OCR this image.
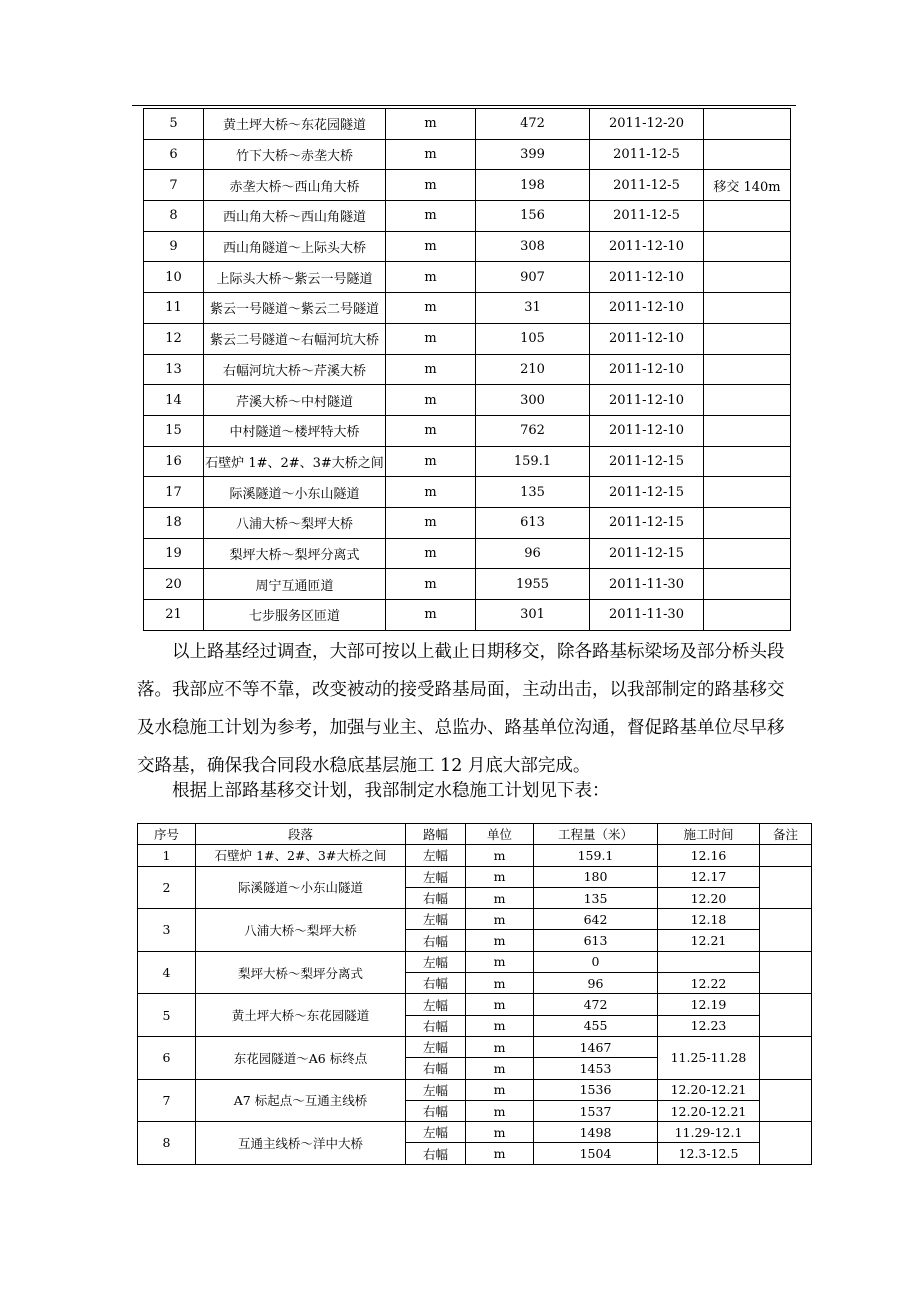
5	黄土坪大桥～东花园隧道	m	472	2011-12-20	
6	竹下大桥～赤垄大桥	m	399	2011-12-5	
7	赤垄大桥～西山角大桥	m	198	2011-12-5	移交 140m
8	西山角大桥～西山角隧道	m	156	2011-12-5	
9	西山角隧道～上际头大桥	m	308	2011-12-10	
10	上际头大桥～紫云一号隧道	m	907	2011-12-10	
11	紫云一号隧道～紫云二号隧道	m	31	2011-12-10	
12	紫云二号隧道～右幅河坑大桥	m	105	2011-12-10	
13	右幅河坑大桥～芹溪大桥	m	210	2011-12-10	
14	芹溪大桥～中村隧道	m	300	2011-12-10	
15	中村隧道～楼坪特大桥	m	762	2011-12-10	
16	石壁炉 1#、2#、3#大桥之间	m	159.1	2011-12-15	
17	际溪隧道～小东山隧道	m	135	2011-12-15	
18	八浦大桥～梨坪大桥	m	613	2011-12-15	
19	梨坪大桥～梨坪分离式	m	96	2011-12-15	
20	周宁互通匝道	m	1955	2011-11-30	
21	七步服务区匝道	m	301	2011-11-30	

以上路基经过调查，大部可按以上截止日期移交，除各路基标梁场及部分桥头段落。我部应不等不靠，改变被动的接受路基局面，主动出击，以我部制定的路基移交及水稳施工计划为参考，加强与业主、总监办、路基单位沟通，督促路基单位尽早移交路基，确保我合同段水稳底基层施工 12 月底大部完成。

根据上部路基移交计划，我部制定水稳施工计划见下表：

序号	段落	路幅	单位	工程量（米）	施工时间	备注
1	石壁炉 1#、2#、3#大桥之间	左幅	m	159.1	12.16	
2	际溪隧道～小东山隧道	左幅	m	180	12.17	
		右幅	m	135	12.20	
3	八浦大桥～梨坪大桥	左幅	m	642	12.18	
		右幅	m	613	12.21	
4	梨坪大桥～梨坪分离式	左幅	m	0		
		右幅	m	96	12.22	
5	黄土坪大桥～东花园隧道	左幅	m	472	12.19	
		右幅	m	455	12.23	
6	东花园隧道～A6 标终点	左幅	m	1467	11.25-11.28	
		右幅	m	1453		
7	A7 标起点～互通主线桥	左幅	m	1536	12.20-12.21	
		右幅	m	1537	12.20-12.21	
8	互通主线桥～洋中大桥	左幅	m	1498	11.29-12.1	
		右幅	m	1504	12.3-12.5	
